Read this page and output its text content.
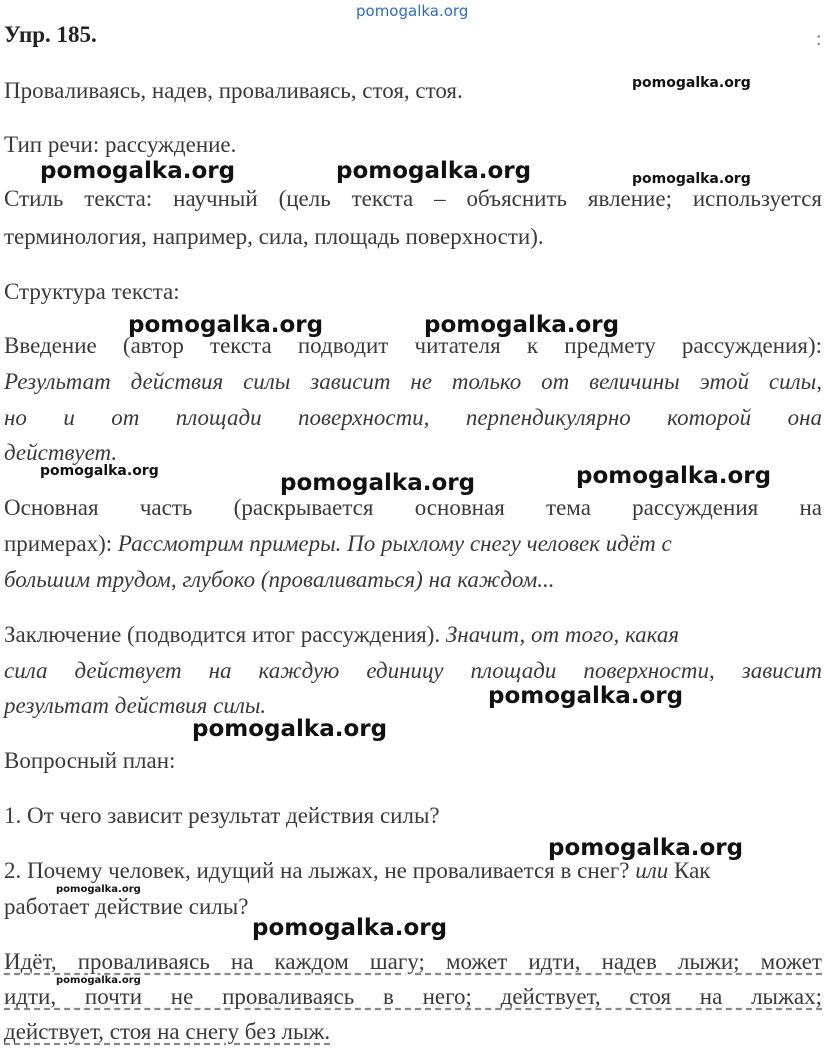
pomogalka.org
:
Упр. 185.
Проваливаясь, надев, проваливаясь, стоя, стоя.
Тип речи: рассуждение.
Стиль текста: научный (цель текста – объяснить явление; используется
терминология, например, сила, площадь поверхности).
Структура текста:
Введение (автор текста подводит читателя к предмету рассуждения):
Результат действия силы зависит не только от величины этой силы,
но и от площади поверхности, перпендикулярно которой она
действует.
Основная часть (раскрывается основная тема рассуждения на
примерах): Рассмотрим примеры. По рыхлому снегу человек идёт с
большим трудом, глубоко (проваливаться) на каждом...
Заключение (подводится итог рассуждения). Значит, от того, какая
сила действует на каждую единицу площади поверхности, зависит
результат действия силы.
Вопросный план:
1. От чего зависит результат действия силы?
2. Почему человек, идущий на лыжах, не проваливается в снег? или Как
работает действие силы?
Идёт, проваливаясь на каждом шагу; может идти, надев лыжи; может
идти, почти не проваливаясь в него; действует, стоя на лыжах;
действует, стоя на снегу без лыж.
pomogalka.org
pomogalka.org	pomogalka.org	pomogalka.org
pomogalka.org	pomogalka.org
pomogalka.org	pomogalka.org	pomogalka.org
pomogalka.org
pomogalka.org
pomogalka.org
pomogalka.org
pomogalka.org
pomogalka.org
